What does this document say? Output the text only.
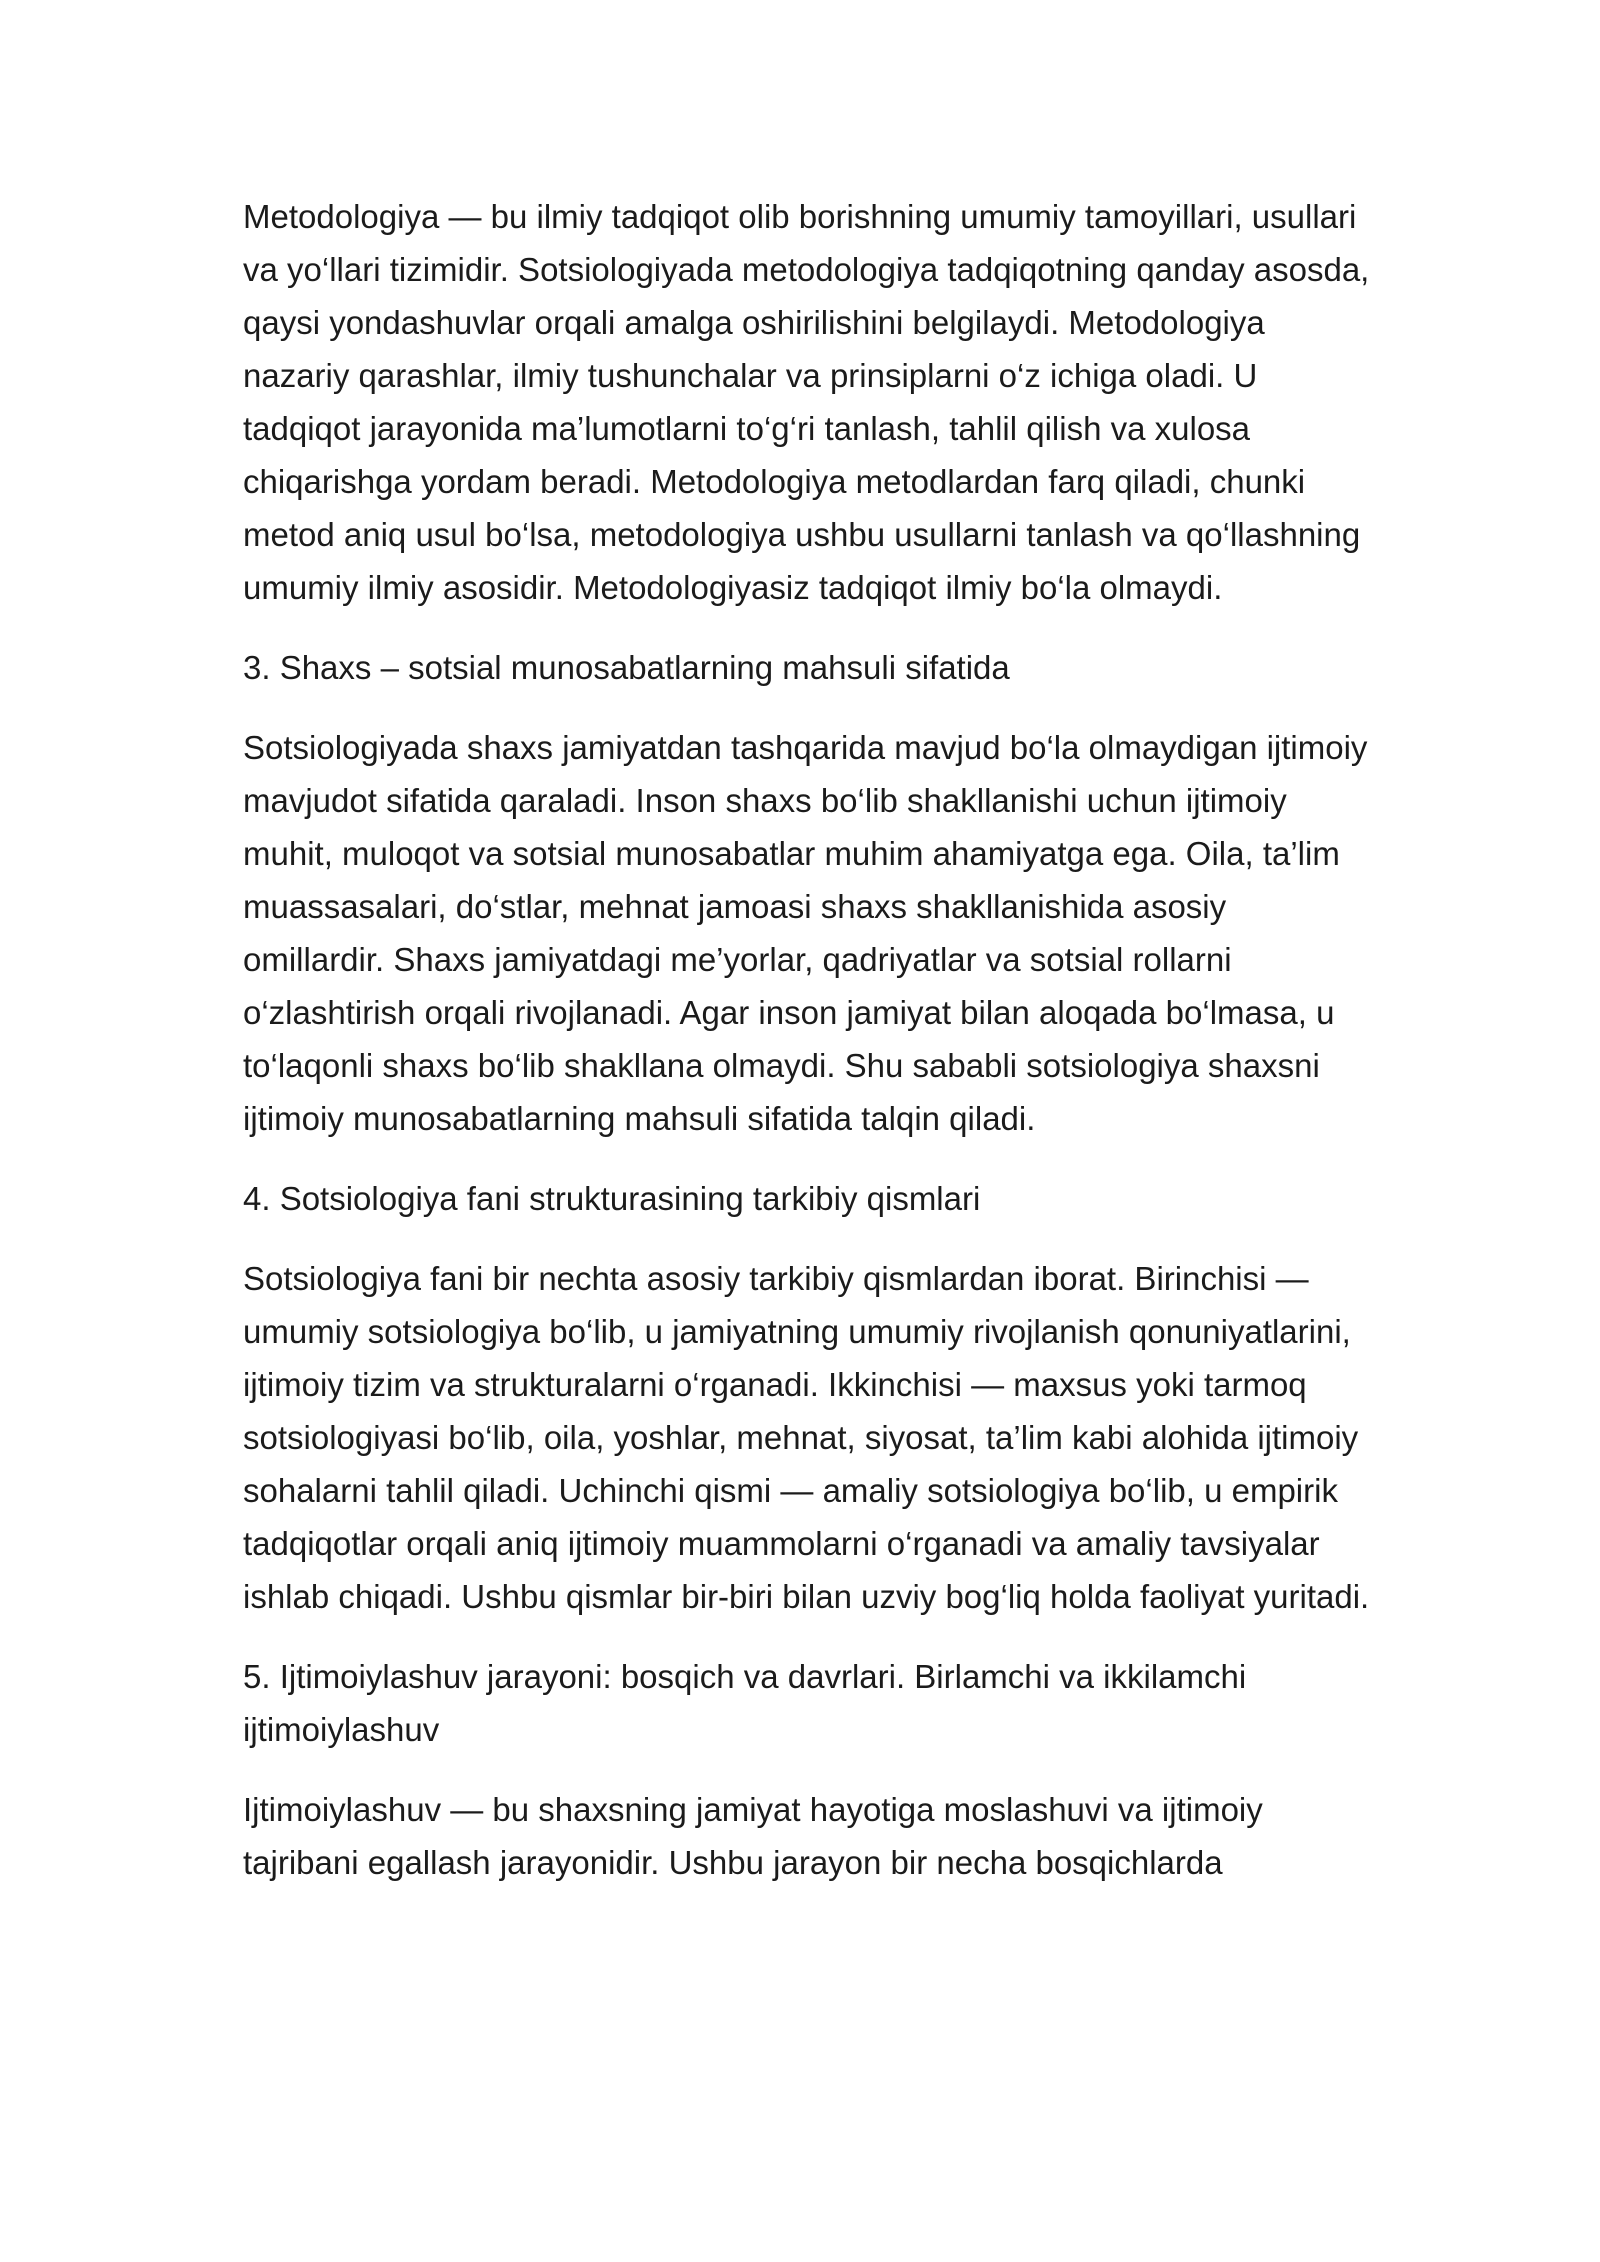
Metodologiya — bu ilmiy tadqiqot olib borishning umumiy tamoyillari, usullari va yo‘llari tizimidir. Sotsiologiyada metodologiya tadqiqotning qanday asosda, qaysi yondashuvlar orqali amalga oshirilishini belgilaydi. Metodologiya nazariy qarashlar, ilmiy tushunchalar va prinsiplarni o‘z ichiga oladi. U tadqiqot jarayonida ma’lumotlarni to‘g‘ri tanlash, tahlil qilish va xulosa chiqarishga yordam beradi. Metodologiya metodlardan farq qiladi, chunki metod aniq usul bo‘lsa, metodologiya ushbu usullarni tanlash va qo‘llashning umumiy ilmiy asosidir. Metodologiyasiz tadqiqot ilmiy bo‘la olmaydi.

3. Shaxs – sotsial munosabatlarning mahsuli sifatida

Sotsiologiyada shaxs jamiyatdan tashqarida mavjud bo‘la olmaydigan ijtimoiy mavjudot sifatida qaraladi. Inson shaxs bo‘lib shakllanishi uchun ijtimoiy muhit, muloqot va sotsial munosabatlar muhim ahamiyatga ega. Oila, ta’lim muassasalari, do‘stlar, mehnat jamoasi shaxs shakllanishida asosiy omillardir. Shaxs jamiyatdagi me’yorlar, qadriyatlar va sotsial rollarni o‘zlashtirish orqali rivojlanadi. Agar inson jamiyat bilan aloqada bo‘lmasa, u to‘laqonli shaxs bo‘lib shakllana olmaydi. Shu sababli sotsiologiya shaxsni ijtimoiy munosabatlarning mahsuli sifatida talqin qiladi.

4. Sotsiologiya fani strukturasining tarkibiy qismlari

Sotsiologiya fani bir nechta asosiy tarkibiy qismlardan iborat. Birinchisi — umumiy sotsiologiya bo‘lib, u jamiyatning umumiy rivojlanish qonuniyatlarini, ijtimoiy tizim va strukturalarni o‘rganadi. Ikkinchisi — maxsus yoki tarmoq sotsiologiyasi bo‘lib, oila, yoshlar, mehnat, siyosat, ta’lim kabi alohida ijtimoiy sohalarni tahlil qiladi. Uchinchi qismi — amaliy sotsiologiya bo‘lib, u empirik tadqiqotlar orqali aniq ijtimoiy muammolarni o‘rganadi va amaliy tavsiyalar ishlab chiqadi. Ushbu qismlar bir-biri bilan uzviy bog‘liq holda faoliyat yuritadi.

5. Ijtimoiylashuv jarayoni: bosqich va davrlari. Birlamchi va ikkilamchi ijtimoiylashuv

Ijtimoiylashuv — bu shaxsning jamiyat hayotiga moslashuvi va ijtimoiy tajribani egallash jarayonidir. Ushbu jarayon bir necha bosqichlarda
